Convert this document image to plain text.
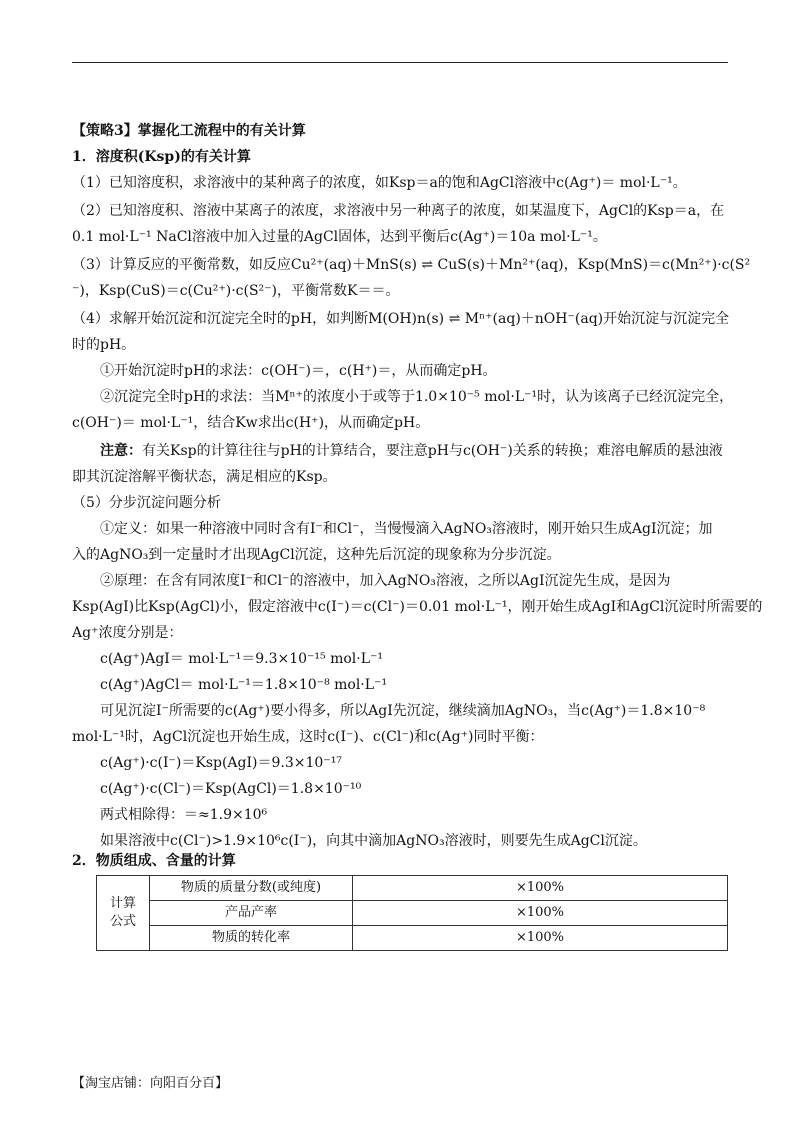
【策略3】掌握化工流程中的有关计算
1．溶度积(Ksp)的有关计算
（1）已知溶度积，求溶液中的某种离子的浓度，如Ksp＝a的饱和AgCl溶液中c(Ag⁺)＝ mol·L⁻¹。
（2）已知溶度积、溶液中某离子的浓度，求溶液中另一种离子的浓度，如某温度下，AgCl的Ksp＝a，在
0.1 mol·L⁻¹ NaCl溶液中加入过量的AgCl固体，达到平衡后c(Ag⁺)＝10a mol·L⁻¹。
（3）计算反应的平衡常数，如反应Cu²⁺(aq)＋MnS(s) ⇌ CuS(s)＋Mn²⁺(aq)，Ksp(MnS)＝c(Mn²⁺)·c(S²
⁻)，Ksp(CuS)＝c(Cu²⁺)·c(S²⁻)，平衡常数K＝＝。
（4）求解开始沉淀和沉淀完全时的pH，如判断M(OH)n(s) ⇌ Mⁿ⁺(aq)＋nOH⁻(aq)开始沉淀与沉淀完全
时的pH。
①开始沉淀时pH的求法：c(OH⁻)＝，c(H⁺)＝，从而确定pH。
②沉淀完全时pH的求法：当Mⁿ⁺的浓度小于或等于1.0×10⁻⁵ mol·L⁻¹时，认为该离子已经沉淀完全，
c(OH⁻)＝ mol·L⁻¹，结合Kw求出c(H⁺)，从而确定pH。
注意：有关Ksp的计算往往与pH的计算结合，要注意pH与c(OH⁻)关系的转换；难溶电解质的悬浊液
即其沉淀溶解平衡状态，满足相应的Ksp。
（5）分步沉淀问题分析
①定义：如果一种溶液中同时含有I⁻和Cl⁻，当慢慢滴入AgNO₃溶液时，刚开始只生成AgI沉淀；加
入的AgNO₃到一定量时才出现AgCl沉淀，这种先后沉淀的现象称为分步沉淀。
②原理：在含有同浓度I⁻和Cl⁻的溶液中，加入AgNO₃溶液，之所以AgI沉淀先生成，是因为
Ksp(AgI)比Ksp(AgCl)小，假定溶液中c(I⁻)＝c(Cl⁻)＝0.01 mol·L⁻¹，刚开始生成AgI和AgCl沉淀时所需要的
Ag⁺浓度分别是：
c(Ag⁺)AgI＝ mol·L⁻¹＝9.3×10⁻¹⁵ mol·L⁻¹
c(Ag⁺)AgCl＝ mol·L⁻¹＝1.8×10⁻⁸ mol·L⁻¹
可见沉淀I⁻所需要的c(Ag⁺)要小得多，所以AgI先沉淀，继续滴加AgNO₃，当c(Ag⁺)＝1.8×10⁻⁸
mol·L⁻¹时，AgCl沉淀也开始生成，这时c(I⁻)、c(Cl⁻)和c(Ag⁺)同时平衡：
c(Ag⁺)·c(I⁻)＝Ksp(AgI)＝9.3×10⁻¹⁷
c(Ag⁺)·c(Cl⁻)＝Ksp(AgCl)＝1.8×10⁻¹⁰
两式相除得：＝≈1.9×10⁶
如果溶液中c(Cl⁻)>1.9×10⁶c(I⁻)，向其中滴加AgNO₃溶液时，则要先生成AgCl沉淀。
2．物质组成、含量的计算
计算
公式	物质的质量分数(或纯度)	×100%
	产品产率	×100%
	物质的转化率	×100%
【淘宝店铺：向阳百分百】
